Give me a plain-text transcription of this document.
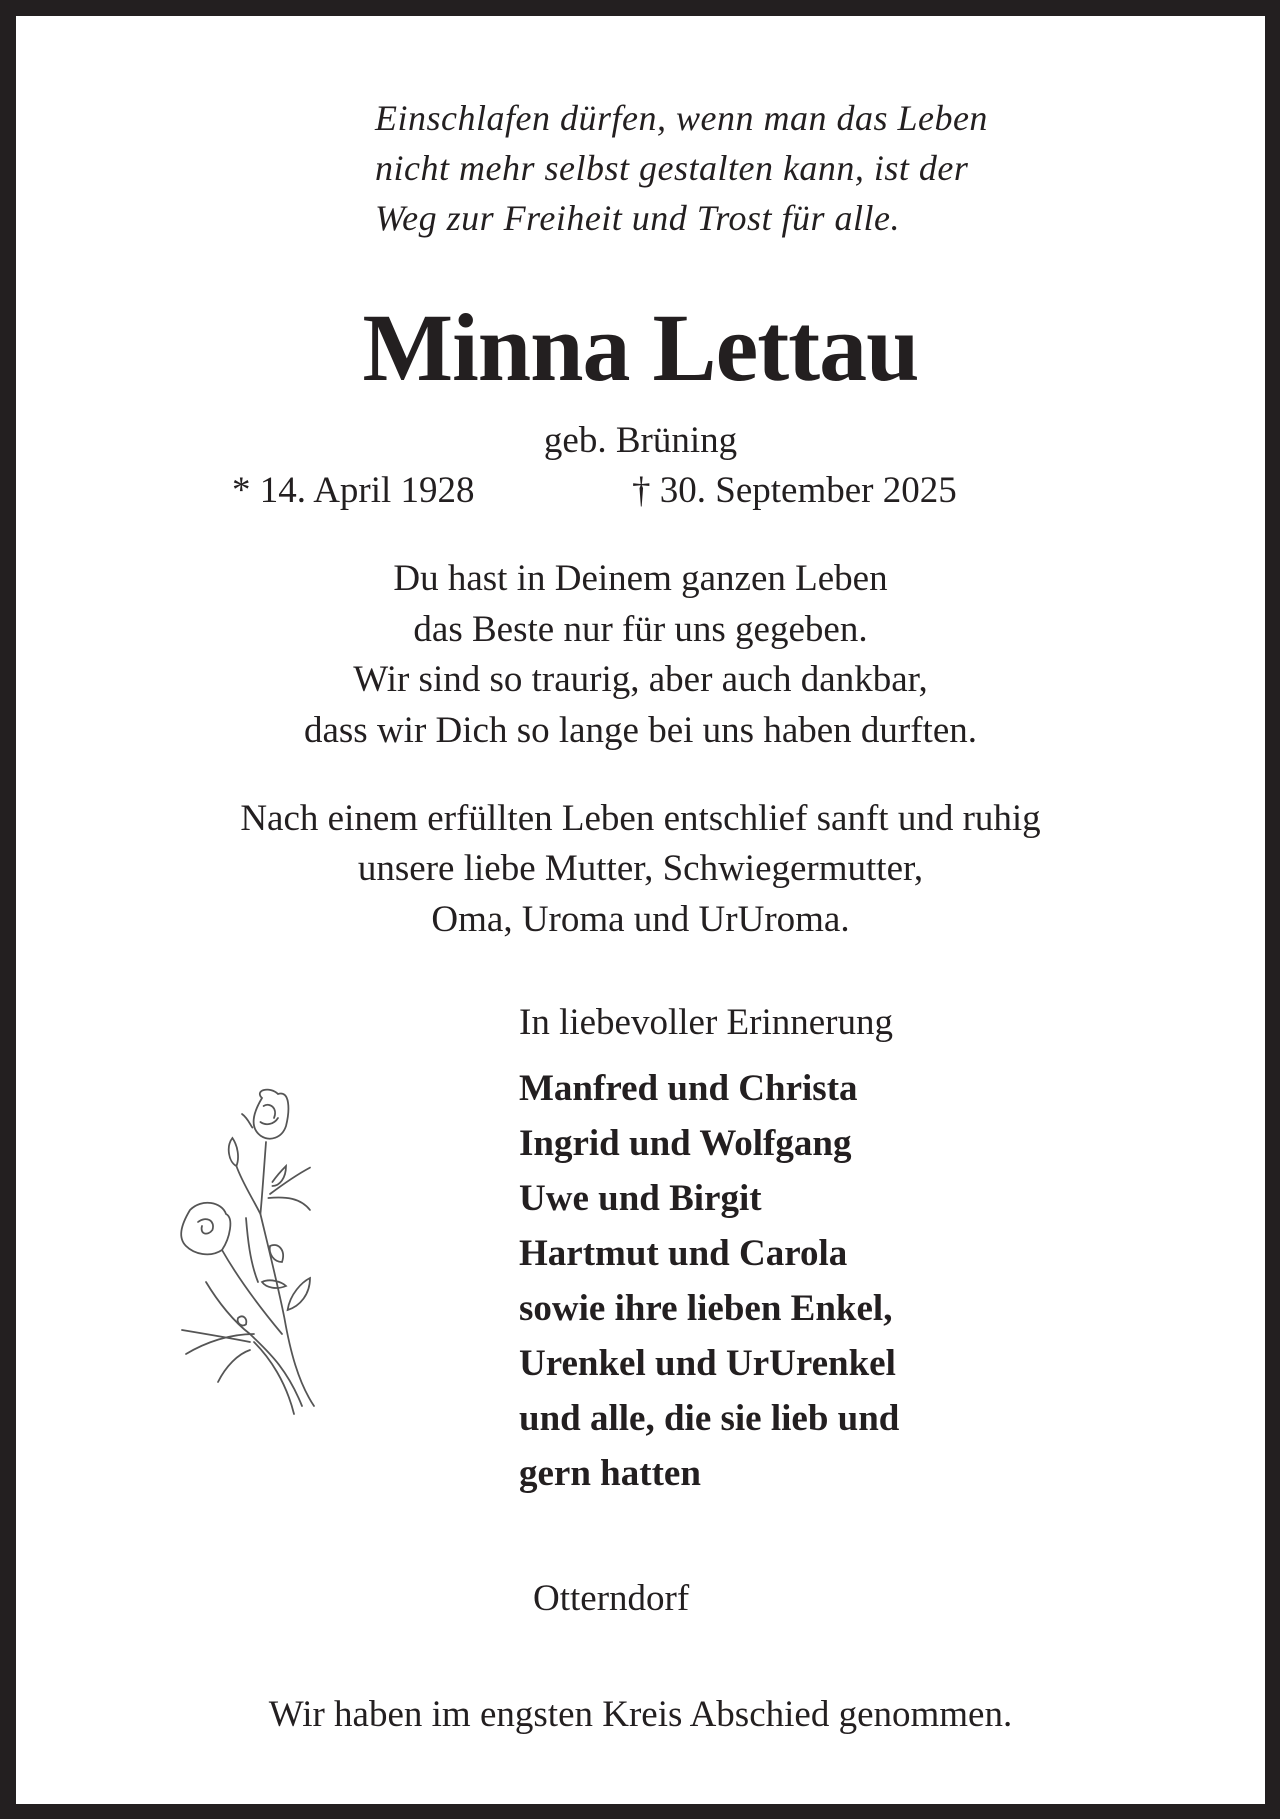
Einschlafen dürfen, wenn man das Leben
nicht mehr selbst gestalten kann, ist der
Weg zur Freiheit und Trost für alle.
Minna Lettau
geb. Brüning
* 14. April 1928	† 30. September 2025
Du hast in Deinem ganzen Leben
das Beste nur für uns gegeben.
Wir sind so traurig, aber auch dankbar,
dass wir Dich so lange bei uns haben durften.
Nach einem erfüllten Leben entschlief sanft und ruhig
unsere liebe Mutter, Schwiegermutter,
Oma, Uroma und UrUroma.
In liebevoller Erinnerung
Manfred und Christa
Ingrid und Wolfgang
Uwe und Birgit
Hartmut und Carola
sowie ihre lieben Enkel,
Urenkel und UrUrenkel
und alle, die sie lieb und
gern hatten
Otterndorf
Wir haben im engsten Kreis Abschied genommen.
